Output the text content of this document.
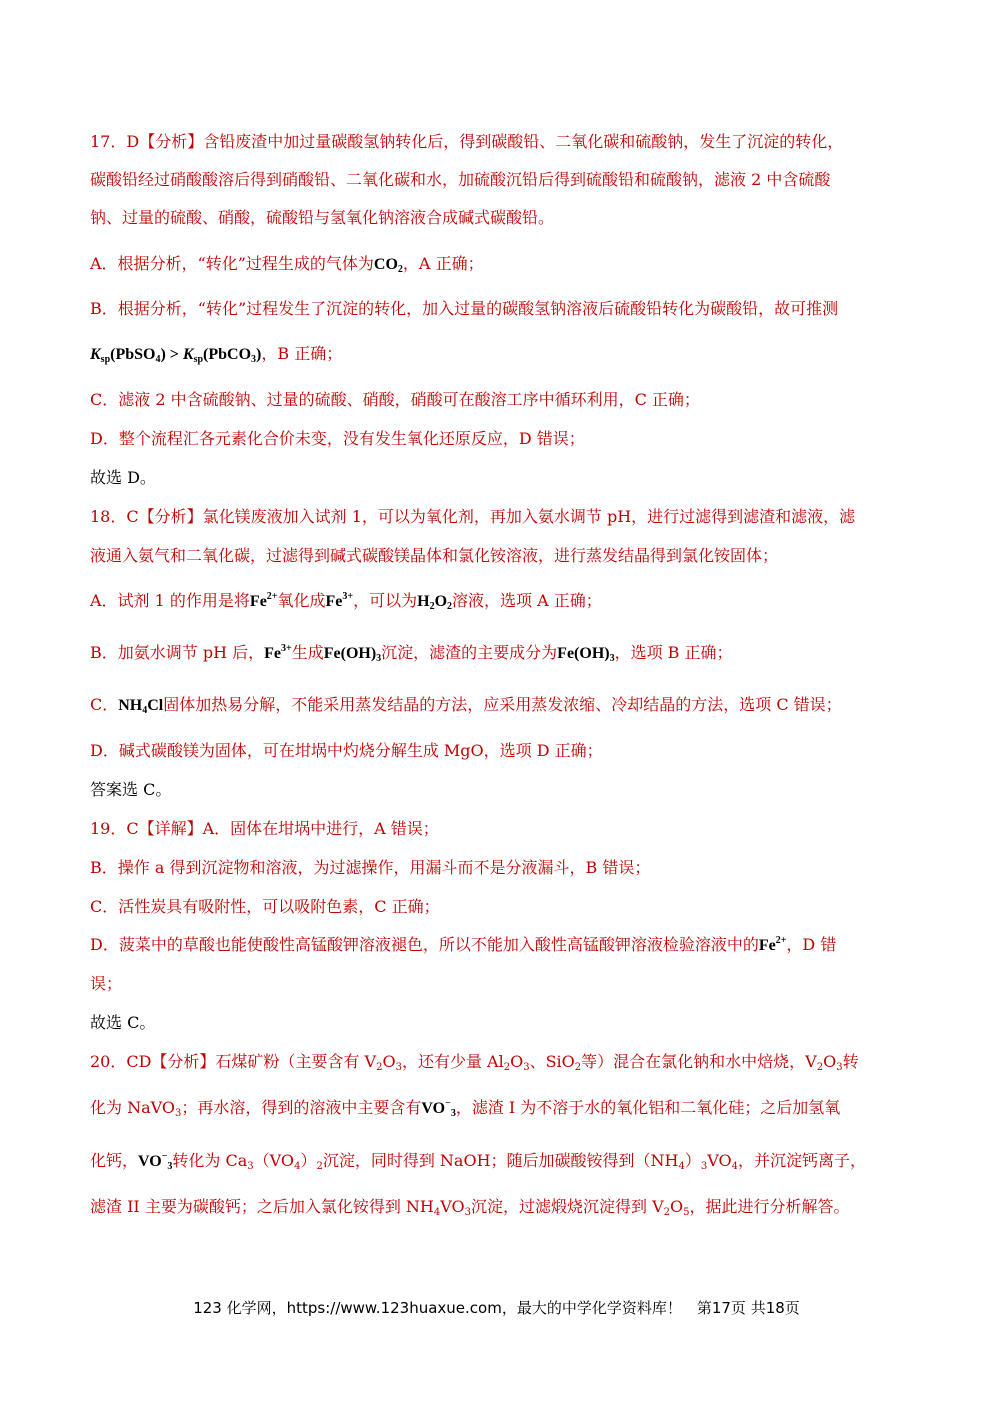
17．D【分析】含铅废渣中加过量碳酸氢钠转化后，得到碳酸铅、二氧化碳和硫酸钠，发生了沉淀的转化，
碳酸铅经过硝酸酸溶后得到硝酸铅、二氧化碳和水，加硫酸沉铅后得到硫酸铅和硫酸钠，滤液 2 中含硫酸
钠、过量的硫酸、硝酸，硫酸铅与氢氧化钠溶液合成碱式碳酸铅。
A．根据分析，“转化”过程生成的气体为$CO_2$，A 正确；
B．根据分析，“转化”过程发生了沉淀的转化，加入过量的碳酸氢钠溶液后硫酸铅转化为碳酸铅，故可推测
$K_{sp}(PbSO_4)$ > $K_{sp}(PbCO_3)$，B 正确；
C．滤液 2 中含硫酸钠、过量的硫酸、硝酸，硝酸可在酸溶工序中循环利用，C 正确；
D．整个流程汇各元素化合价未变，没有发生氧化还原反应，D 错误；
故选 D。
18．C【分析】氯化镁废液加入试剂 1，可以为氧化剂，再加入氨水调节 pH，进行过滤得到滤渣和滤液，滤
液通入氨气和二氧化碳，过滤得到碱式碳酸镁晶体和氯化铵溶液，进行蒸发结晶得到氯化铵固体；
A．试剂 1 的作用是将$Fe^{2+}$氧化成$Fe^{3+}$，可以为$H_2O_2$溶液，选项 A 正确；
B．加氨水调节 pH 后，$Fe^{3+}$生成$Fe(OH)_3$沉淀，滤渣的主要成分为$Fe(OH)_3$，选项 B 正确；
C．$NH_4Cl$固体加热易分解，不能采用蒸发结晶的方法，应采用蒸发浓缩、冷却结晶的方法，选项 C 错误；
D．碱式碳酸镁为固体，可在坩埚中灼烧分解生成 MgO，选项 D 正确；
答案选 C。
19．C【详解】A．固体在坩埚中进行，A 错误；
B．操作 a 得到沉淀物和溶液，为过滤操作，用漏斗而不是分液漏斗，B 错误；
C．活性炭具有吸附性，可以吸附色素，C 正确；
D．菠菜中的草酸也能使酸性高锰酸钾溶液褪色，所以不能加入酸性高锰酸钾溶液检验溶液中的$Fe^{2+}$，D 错
误；
故选 C。
20．CD【分析】石煤矿粉（主要含有 $V_2O_3$，还有少量 $Al_2O_3$、SiO$_2$等）混合在氯化钠和水中焙烧，$V_2O_3$转
化为 NaVO$_3$；再水溶，得到的溶液中主要含有$VO^-_3$，滤渣 I 为不溶于水的氧化铝和二氧化硅；之后加氢氧
化钙，$VO^-_3$转化为 $Ca_3(VO_4)_2$沉淀，同时得到 NaOH；随后加碳酸铵得到$(NH_4)_3VO_4$，并沉淀钙离子，
滤渣 II 主要为碳酸钙；之后加入氯化铵得到 $NH_4VO_3$沉淀，过滤煅烧沉淀得到 $V_2O_5$，据此进行分析解答。
123 化学网，https://www.123huaxue.com，最大的中学化学资料库！　第17页 共18页
